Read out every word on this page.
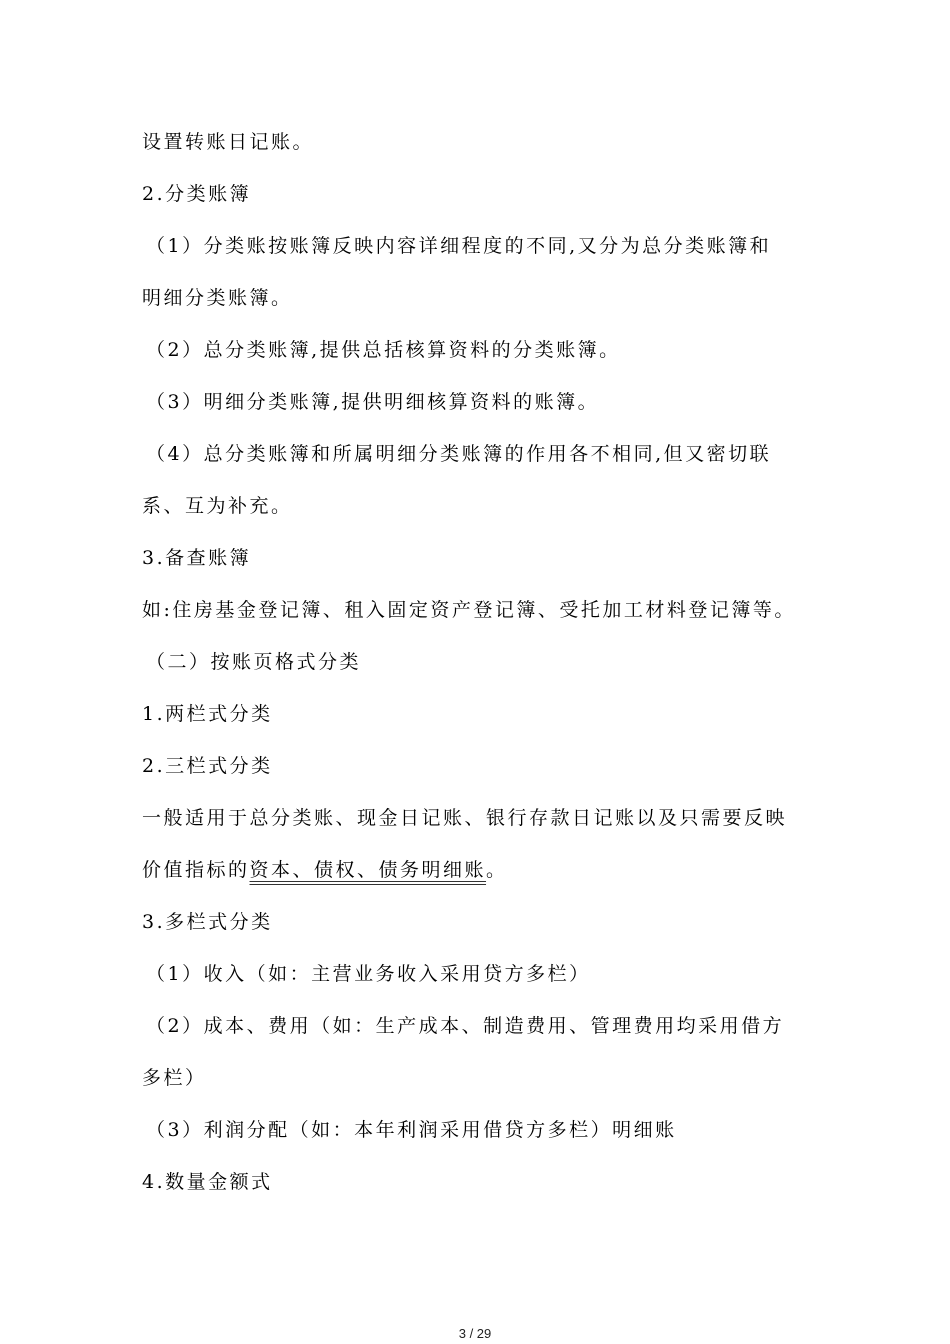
设置转账日记账。
2.分类账簿
（1）分类账按账簿反映内容详细程度的不同,又分为总分类账簿和
明细分类账簿。
（2）总分类账簿,提供总括核算资料的分类账簿。
（3）明细分类账簿,提供明细核算资料的账簿。
（4）总分类账簿和所属明细分类账簿的作用各不相同,但又密切联
系、互为补充。
3.备查账簿
如:住房基金登记簿、租入固定资产登记簿、受托加工材料登记簿等。
（二）按账页格式分类
1.两栏式分类
2.三栏式分类
一般适用于总分类账、现金日记账、银行存款日记账以及只需要反映
价值指标的资本、债权、债务明细账。
3.多栏式分类
（1）收入（如：主营业务收入采用贷方多栏）
（2）成本、费用（如：生产成本、制造费用、管理费用均采用借方
多栏）
（3）利润分配（如：本年利润采用借贷方多栏）明细账
4.数量金额式
3 / 29
